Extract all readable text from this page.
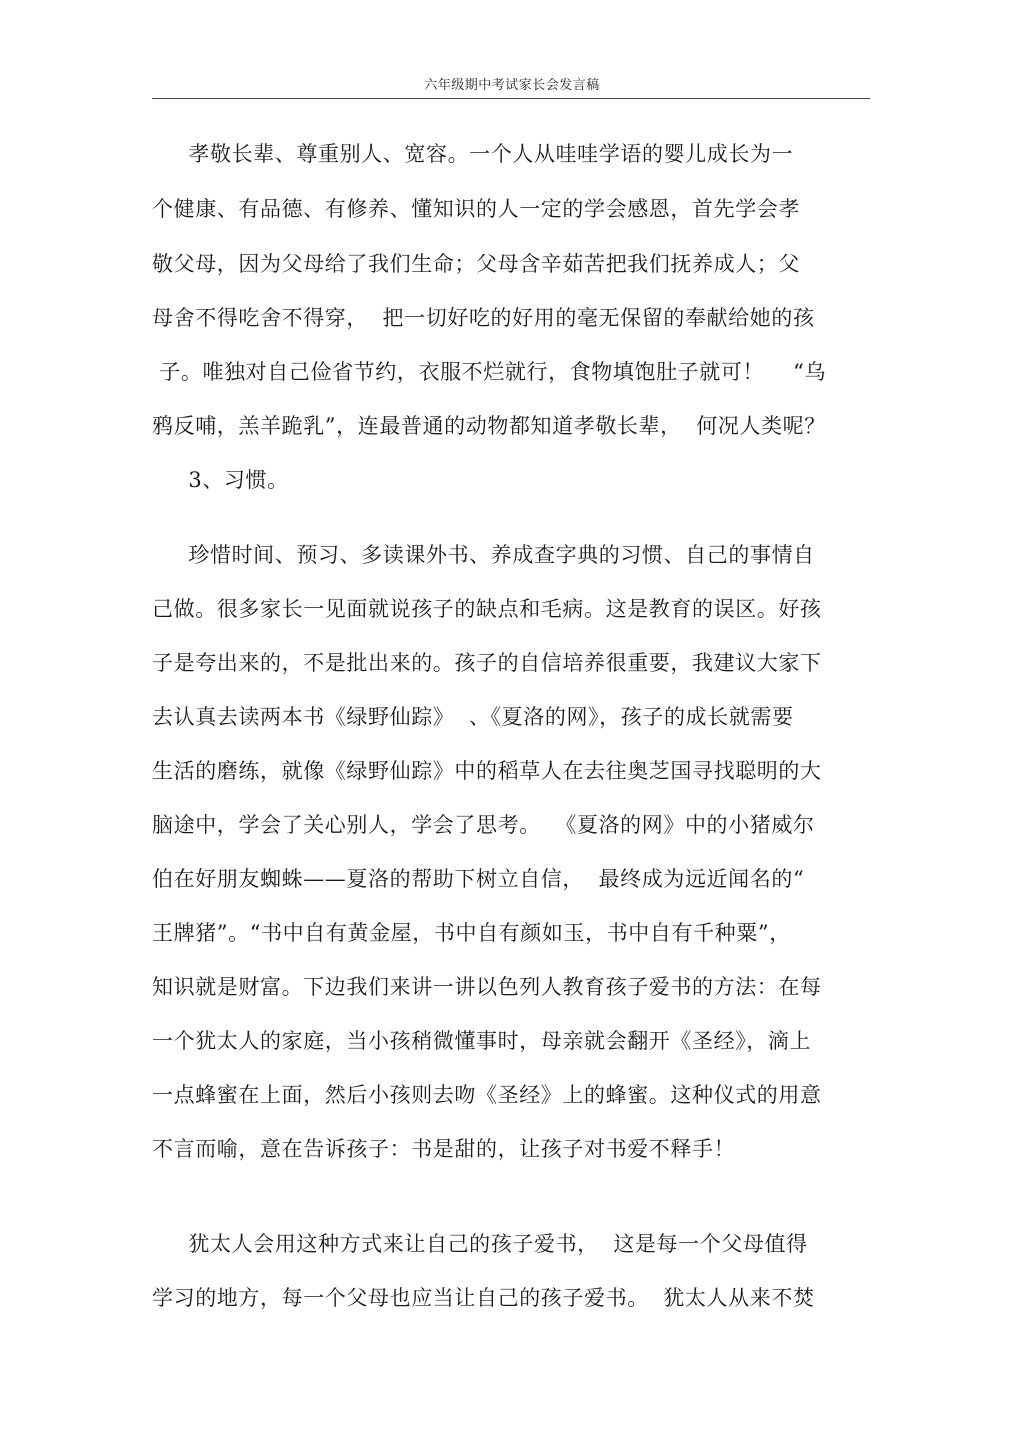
六年级期中考试家长会发言稿
孝敬长辈、尊重别人、宽容。一个人从哇哇学语的婴儿成长为一
个健康、有品德、有修养、懂知识的人一定的学会感恩，首先学会孝
敬父母，因为父母给了我们生命；父母含辛茹苦把我们抚养成人；父
母舍不得吃舍不得穿，  把一切好吃的好用的毫无保留的奉献给她的孩
子。唯独对自己俭省节约，衣服不烂就行，食物填饱肚子就可！    “乌
鸦反哺，羔羊跪乳”，连最普通的动物都知道孝敬长辈，  何况人类呢？
3、习惯。
珍惜时间、预习、多读课外书、养成查字典的习惯、自己的事情自
己做。很多家长一见面就说孩子的缺点和毛病。这是教育的误区。好孩
子是夸出来的，不是批出来的。孩子的自信培养很重要，我建议大家下
去认真去读两本书《绿野仙踪》  、《夏洛的网》，孩子的成长就需要
生活的磨练，就像《绿野仙踪》中的稻草人在去往奥芝国寻找聪明的大
脑途中，学会了关心别人，学会了思考。  《夏洛的网》中的小猪威尔
伯在好朋友蜘蛛——夏洛的帮助下树立自信，  最终成为远近闻名的“
王牌猪”。“书中自有黄金屋，书中自有颜如玉，书中自有千种粟”，
知识就是财富。下边我们来讲一讲以色列人教育孩子爱书的方法：在每
一个犹太人的家庭，当小孩稍微懂事时，母亲就会翻开《圣经》，滴上
一点蜂蜜在上面，然后小孩则去吻《圣经》上的蜂蜜。这种仪式的用意
不言而喻，意在告诉孩子：书是甜的，让孩子对书爱不释手！
犹太人会用这种方式来让自己的孩子爱书，  这是每一个父母值得
学习的地方，每一个父母也应当让自己的孩子爱书。  犹太人从来不焚
